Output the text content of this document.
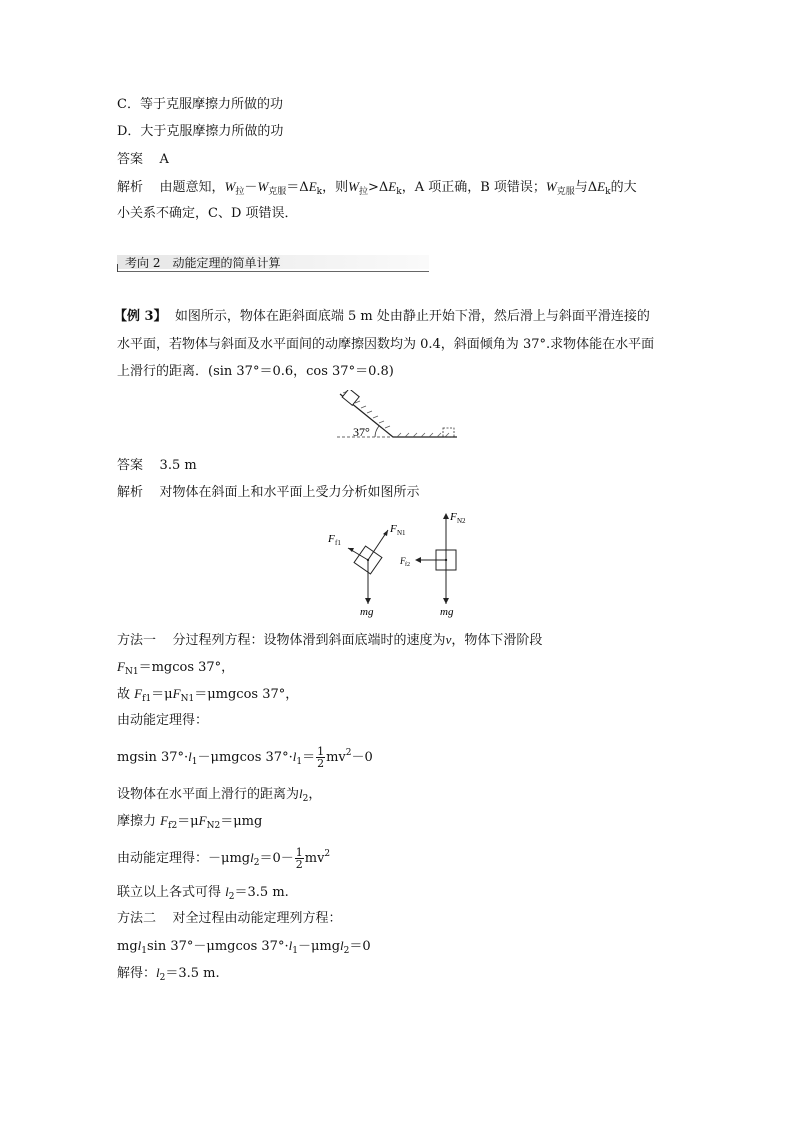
C．等于克服摩擦力所做的功
D．大于克服摩擦力所做的功
答案 A
解析 由题意知，$W_拉-W_{克服}=\Delta E_k$，则$W_拉>\Delta E_k$，A 项正确，B 项错误；$W_{克服}$与$\Delta E_k$的大
小关系不确定，C、D 项错误．
考向 2　动能定理的简单计算
【例 3】 如图所示，物体在距斜面底端 5 m 处由静止开始下滑，然后滑上与斜面平滑连接的
水平面，若物体与斜面及水平面间的动摩擦因数均为 0.4，斜面倾角为 37°.求物体能在水平面
上滑行的距离．(sin 37°＝0.6，cos 37°＝0.8)
37°
答案 3.5 m
解析 对物体在斜面上和水平面上受力分析如图所示
F N1
F f1
mg
F N2
F f2
mg
方法一 分过程列方程：设物体滑到斜面底端时的速度为v，物体下滑阶段
$F_{N1}=mgcos$ 37°，
故 $F_{f1}=\mu F_{N1}=\mu mgcos$ 37°，
由动能定理得：
mgsin $37^\circ\cdot l_1-\mu mgcos$ $37^\circ\cdot l_1= \frac{1}{2} mv^2-0$
设物体在水平面上滑行的距离为$l_2$，
摩擦力 $F_{f2}=\mu F_{N2}=\mu mg$
由动能定理得：$-\mu mgl_2=0- \frac{1}{2} mv^2$
联立以上各式可得 $l_2=3.5$ m.
方法二 对全过程由动能定理列方程：
mgl$_1$sin 37°－μmgcos $37^\circ\cdot l_1-\mu mgl_2=0$
解得：$l_2=3.5$ m.
